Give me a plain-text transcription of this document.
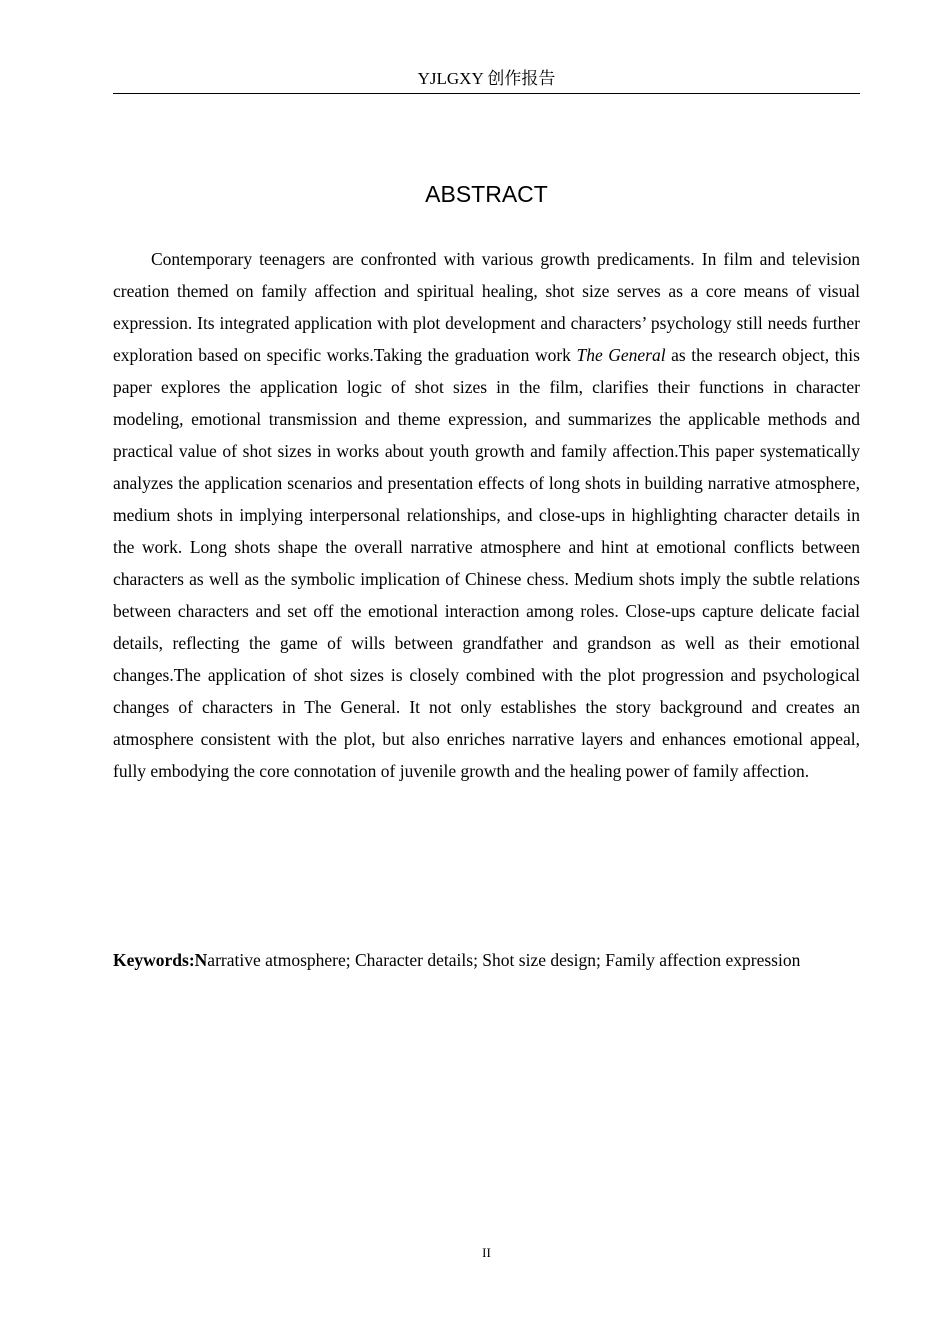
YJLGXY 创作报告
ABSTRACT

Contemporary teenagers are confronted with various growth predicaments. In film and television creation themed on family affection and spiritual healing, shot size serves as a core means of visual expression. Its integrated application with plot development and characters’ psychology still needs further exploration based on specific works.Taking the graduation work The General as the research object, this paper explores the application logic of shot sizes in the film, clarifies their functions in character modeling, emotional transmission and theme expression, and summarizes the applicable methods and practical value of shot sizes in works about youth growth and family affection.This paper systematically analyzes the application scenarios and presentation effects of long shots in building narrative atmosphere, medium shots in implying interpersonal relationships, and close-ups in highlighting character details in the work. Long shots shape the overall narrative atmosphere and hint at emotional conflicts between characters as well as the symbolic implication of Chinese chess. Medium shots imply the subtle relations between characters and set off the emotional interaction among roles. Close-ups capture delicate facial details, reflecting the game of wills between grandfather and grandson as well as their emotional changes.The application of shot sizes is closely combined with the plot progression and psychological changes of characters in The General. It not only establishes the story background and creates an atmosphere consistent with the plot, but also enriches narrative layers and enhances emotional appeal, fully embodying the core connotation of juvenile growth and the healing power of family affection.

Keywords:Narrative atmosphere; Character details; Shot size design; Family affection expression

II
